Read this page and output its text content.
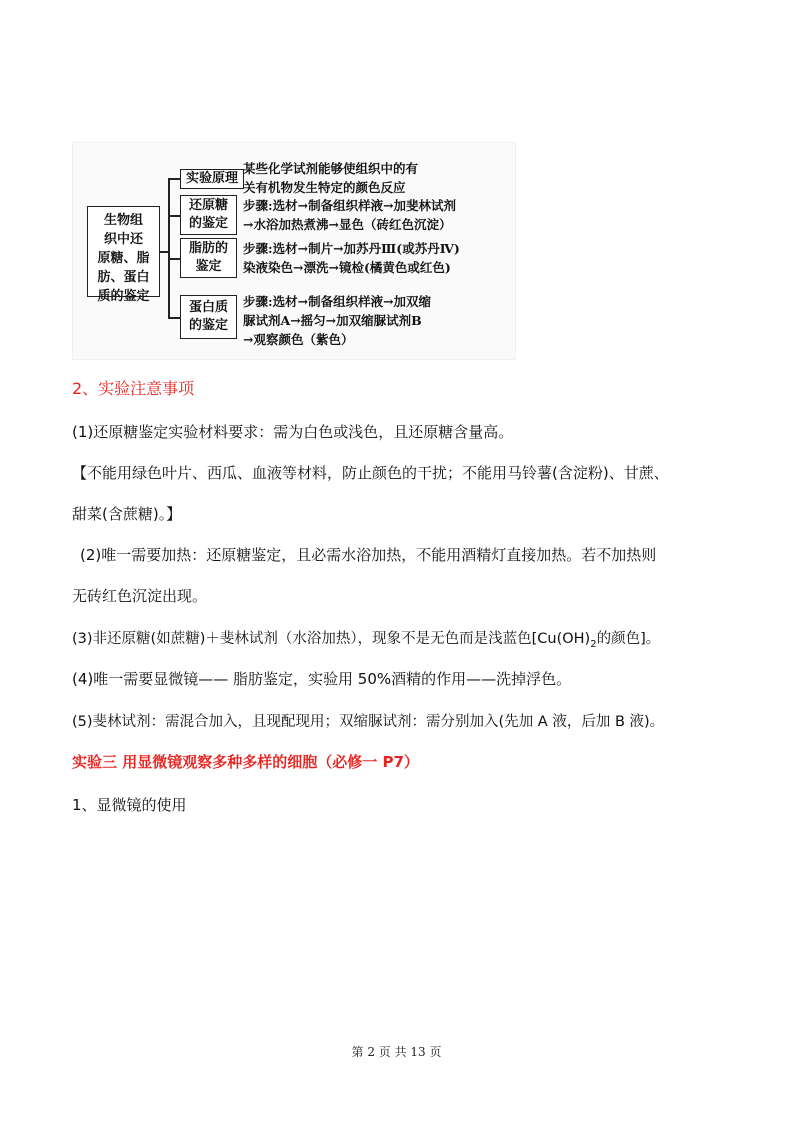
生物组
织中还
原糖、脂
肪、蛋白
质的鉴定
实验原理
某些化学试剂能够使组织中的有
关有机物发生特定的颜色反应
还原糖
的鉴定
步骤:选材→制备组织样液→加斐林试剂
→水浴加热煮沸→显色（砖红色沉淀）
脂肪的
鉴定
步骤:选材→制片→加苏丹Ⅲ(或苏丹Ⅳ)
染液染色→漂洗→镜检(橘黄色或红色)
蛋白质
的鉴定
步骤:选材→制备组织样液→加双缩
脲试剂A→摇匀→加双缩脲试剂B
→观察颜色（紫色）
2、实验注意事项
(1)还原糖鉴定实验材料要求：需为白色或浅色，且还原糖含量高。
【不能用绿色叶片、西瓜、血液等材料，防止颜色的干扰；不能用马铃薯(含淀粉)、甘蔗、
甜菜(含蔗糖)。】
(2)唯一需要加热：还原糖鉴定，且必需水浴加热，不能用酒精灯直接加热。若不加热则
无砖红色沉淀出现。
(3)非还原糖(如蔗糖)＋斐林试剂（水浴加热），现象不是无色而是浅蓝色[$Cu(OH)_2$的颜色]。
(4)唯一需要显微镜—— 脂肪鉴定，实验用 50%酒精的作用——洗掉浮色。
(5)斐林试剂：需混合加入，且现配现用；双缩脲试剂：需分别加入(先加 A 液，后加 B 液)。
实验三 用显微镜观察多种多样的细胞（必修一 P7）
1、显微镜的使用
第 2 页 共 13 页
